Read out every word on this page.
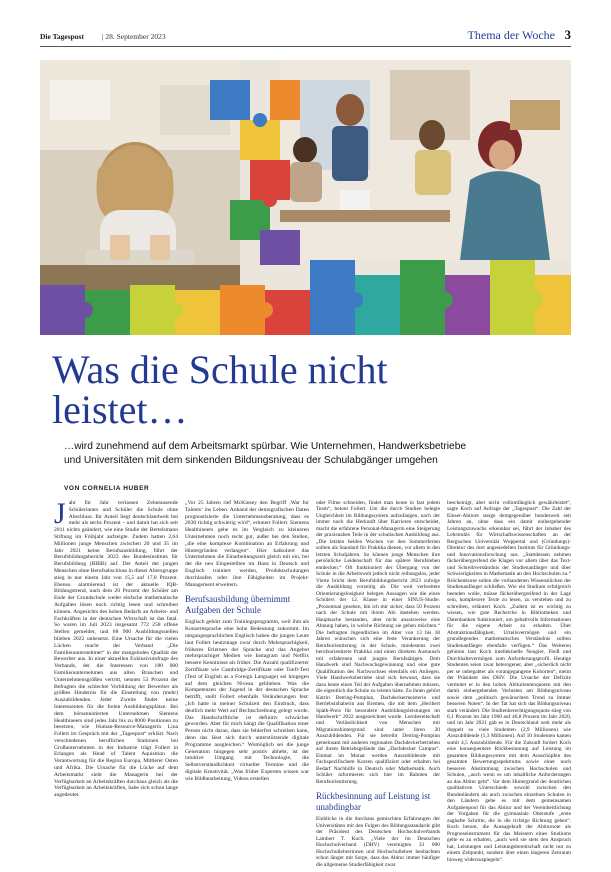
Die Tagespost | 28. September 2023	Thema der Woche 3
Was die Schule nicht leistet…
…wird zunehmend auf dem Arbeitsmarkt spürbar. Wie Unternehmen, Handwerksbetriebe und Universitäten mit dem sinkenden Bildungsniveau der Schulabgänger umgehen
VON CORNELIA HUBER
J ahr für Jahr verlassen Zehntausende Schülerinnen und Schüler die Schule ohne Abschluss. Ihr Anteil liegt deutschlandweit bei mehr als sechs Prozent – und damit hat sich seit 2011 nichts geändert, wie eine Studie der Bertelsmann Stiftung im Frühjahr aufzeigte. Zudem hatten 2,64 Millionen junge Menschen zwischen 20 und 35 im Jahr 2021 keine Berufsausbildung, führt der Berufsbildungsbericht 2023 des Bundesinstituts für Berufsbildung (BIBB) auf. Der Anteil der jungen Menschen ohne Berufsabschluss in dieser Altersgruppe stieg in nur einem Jahr von 15,5 auf 17,8 Prozent. Ebenso alarmierend ist der aktuelle IQB-Bildungstrend, nach dem 20 Prozent der Schüler am Ende der Grundschule weder einfache mathematische Aufgaben lösen noch richtig lesen und schreiben können. Angesichts des hohen Bedarfs an Arbeits- und Fachkräften in der deutschen Wirtschaft ist das fatal. So waren im Juli 2023 insgesamt 772 258 offene Stellen gemeldet, und 68 900 Ausbildungsstellen blieben 2022 unbesetzt. Eine Ursache für die vielen Lücken macht der Verband „Die Familienunternehmer“ in der mangelnden Qualität der Bewerber aus. In einer aktuellen Exklusivumfrage des Verbands, der die Interessen von 180 000 Familienunternehmen aus allen Branchen und Unternehmensgrößen vertritt, nennen 53 Prozent der Befragten die schlechte Vorbildung der Bewerber als größtes Hindernis für die Einstellung von (mehr) Auszubildenden. Jeder Zweite findet keine Interessenten für die freien Ausbildungsplätze. Bei dem börsennotierten Unternehmen Siemens Healthineers sind jedes Jahr bis zu 8000 Positionen zu besetzen, wie Human-Resource-Managerin Lina Follert im Gespräch mit der „Tagespost“ erklärt. Nach verschiedenen beruflichen Stationen bei Großunternehmen in der Industrie trägt Follert in Erlangen als Head of Talent Aquisition die Verantwortung für die Region Europa, Mittlerer Osten und Afrika. Die Ursache für die Lücke auf dem Arbeitsmarkt sieht die Managerin bei der Verfügbarkeit an Arbeitskräften durchaus gleich als die Verfügbarkeit an Arbeitskräften, habe sich schon lange angedeutet.

„Vor 25 Jahren rief McKinsey den Begriff ‚War for Talents‘ ins Leben. Anhand der demografischen Daten prognostizierte die Unternehmensberatung, dass es 2030 richtig schwierig wird“, erinnert Follert. Siemens Healthineers gehe es im Vergleich zu kleineren Unternehmen noch recht gut, außer bei den Stellen, „die eine komplexe Kombination an Erfahrung und Hintergründen verlangen“. Hier kalkuliert das Unternehmen die Einarbeitungszeit gleich mit ein, bei der die neu Eingestellten im Haus in Deutsch und Englisch trainiert werden, Produktschulungen durchlaufen oder ihre Fähigkeiten im Projekt-Management erweitern.

Berufsausbildung übernimmt Aufgaben der Schule

Englisch gehört zum Trainingsprogramm, weil ihm als Konzernsprache eine hohe Bedeutung zukommt. Im umgangssprachlichen Englisch haben die jungen Leute laut Follert heutzutage zwar durch Mehrsprachigkeit, früheres Erlernen der Sprache und das Angebot mehrsprachiger Medien wie Instagram und Netflix bessere Kenntnisse als früher. Die Anzahl qualifizierter Zertifikate wie Cambridge-Zertifikate oder Toefl-Test (Test of English as a Foreign Language) sei hingegen auf dem gleichen Niveau geblieben. Was die Kompetenzen der Jugend in der deutschen Sprache betrifft, stellt Follert ebenfalls Veränderungen fest: „Ich hatte in meiner Schulzeit den Eindruck, dass deutlich mehr Wert auf Rechtschreibung gelegt wurde. Das Handschriftliche ist definitiv schwächer geworden. Aber für mich hängt die Qualifikation einer Person nicht daran, dass sie fehlerfrei schreiben kann, denn das lässt sich durch unterstützende digitale Programme ausgleichen.“ Womöglich sei die junge Generation hingegen sehr positiv abhebt, ist der intuitive Umgang mit Technologie, die Selbstverständlichkeit virtueller Termine und die digitale Kreativität. „Was früher Experten wissen war wie Bildbearbeitung, Videos erstellen

oder Filme schneiden, findet man heute in fast jedem Team“, betont Follert. Um die durch Studien belegte Ungleichheit im Bildungssystem aufzufangen, nach der immer noch die Herkunft über Karrieren entscheidet, macht die erfahrene Personal-Managerin eine Steigerung der praxisnahen Teile in der schulischen Ausbildung aus. „Die letzten beiden Wochen vor den Sommerferien sollten als Standard für Praktika dienen, vor allem in den letzten Schuljahren. So können junge Menschen ihre persönliche Leidenschaft für das spätere Berufsleben entdecken.“ Oft funktioniert der Übergang von der Schule in die Arbeitswelt jedoch nicht reibungslos, jeder Vierte bricht dem Berufsbildungsbericht 2023 zufolge die Ausbildung vorzeitig ab. Die weit verbreitete Orientierungslosigkeit belegen Aussagen wie die eines Schülers der 12. Klasse in einer SINUS-Studie. „Prozentual gesehen, bin ich mir sicher, dass 50 Prozent nach der Schule mit ihrem Abi dastehen werden. Hauptsache bestanden, aber nicht ansatzweise eine Ahnung haben, in welche Richtung sie gehen möchten.“ Die befragten Jugendlichen im Alter von 13 bis 18 Jahren wünschen sich eine feste Verankerung der Berufsorientierung in der Schule, mindestens zwei berufsorientierte Praktika und einen direkten Austausch mit erfahrenen und jungen Berufstätigen. Dem Handwerk sind Nachwuchsgewinnung und eine gute Qualifikation des Nachwuchses ebenfalls ein Anliegen. Viele Handwerksbetriebe sind sich bewusst, dass sie dazu heute einen Teil der Aufgaben übernehmen müssen, die eigentlich die Schule zu leisten hätte. Zu ihnen gehört Katrin Detring-Pomplun, Dachdeckermeisterin und Betriebsinhaberin aus Bremen, die mit dem „Heribert Späth-Preis für besondere Ausbildungsleistungen im Handwerk“ 2022 ausgezeichnet wurde. Lernbereitschaft und Verlässlichkeit von Menschen mit Migrationshintergrund sind unter ihren 20 Auszubildenden. Für sie betreibt Detring-Pomplun gemeinsam mit anderen regionalen Dachdeckerbetrieben auf ihrem Betriebsgelände das „Dachdecker Campus“. Einmal im Monat werden Auszubildende mit Fachspezifischem Kursen qualifiziert oder erhalten bei Bedarf Nachhilfe in Deutsch oder Mathematik. Auch Schüler informieren sich hier im Rahmen der Berufsorientierung.

Rückbesinnung auf Leistung ist unabdingbar

Einblicke in die durchaus gemischten Erfahrungen der Universitäten mit den Folgen des Bildungsstandards gibt der Präsident des Deutschen Hochschulverbands Lambert T. Koch. „Viele der im Deutschen Hochschulverband (DHV) vereinigten 33 000 Hochschullehrerinnen und Hochschullehrer beobachten schon länger mit Sorge, dass das Abitur immer häufiger die allgemeine Studierfähigkeit zwar

bescheinigt, aber nicht vollumfänglich gewährleistet“, sagte Koch auf Anfrage der „Tagespost“. Die Zahl der Einser-Abiture steige demgegenüber bundesweit seit Jahren an, ohne dass ein damit einhergehender Leistungszuwachs erkennbar sei, führt der Inhaber des Lehrstuhls für Wirtschaftswissenschaften an der Bergischen Universität Wuppertal und (Gründungs)-Direktor des dort angesiedelten Instituts für Gründungs- und Innovationsforschung aus. „Stattdessen nehmen fächerübergreifend die Klagen vor allem über das Text- und Schreibverständnis der Studienanfänger und über Schwierigkeiten in Mathematik an den Hochschulen zu.“ Brückenkurse sollen die vorhandenen Wissenslücken der Studienanfänger schließen. Wie ein Studium erfolgreich beenden wolle, müsse fächerübergreifend in der Lage sein, komplexere Texte zu lesen, zu verstehen und zu schreiben, erläutert Koch. „Zudem ist es wichtig zu wissen, wie gute Recherche in Bibliotheken und Datenbanken funktioniert, um gehaltvolle Informationen für die eigene Arbeit zu erhalten. Über Abstraktionsfähigkeit, Urteilsvermögen und ein grundlegendes mathematisches Verständnis sollten Studienanfänger ebenfalls verfügen.“ Das Weiteren gehören laut Koch intellektuelle Neugier, Fleiß und Durchhaltevermögen zum Anforderungsprofil. Heutige Studenten seien zwar heterogener, aber „sicherlich nicht per se unbegabter als vorangegangene Kohorten“, meint der Präsident des DHV. Die Ursache der Defizite vermutet er in den hohen Abiturientenquoten mit den damit einhergehenden Verlusten am Bildungsniveau sowie dem „politisch gewünschten Trend zu immer besseren Noten“. In der Tat hat sich das Bildungsniveau stark verändert. Die Studienberechtigungsquote stieg von 6,1 Prozent im Jahr 1960 auf 46,8 Prozent im Jahr 2020, und im Jahr 2021 gab es in Deutschland weit mehr als doppelt so viele Studenten (2,9 Millionen) wie Auszubildende (1,3 Millionen). Auf 10 Studenten kamen somit 4,5 Auszubildende. Für die Zukunft fordert Koch eine konsequentere Rückbesinnung auf Leistung im gesamten Bildungssystem mit dem Ausschöpfen des gesamten Bewertungsspektrums sowie einer noch besseren Abstimmung zwischen Hochschulen und Schulen, „auch wenn es um inhaltliche Anforderungen an das Abitur geht“. Vor dem Hintergrund der deutlichen qualitativen Unterschiede sowohl zwischen den Bundesländern als auch zwischen einzelnen Schulen in den Ländern gebe es mit dem gemeinsamen Aufgabenpool für das Abitur und der Vereinheitlichung der Vorgaben für die gymnasiale Oberstufe „erste zaghafte Schritte, die in die richtige Richtung gehen“. Koch betont, die Aussagekraft der Abiturnote als Prognoseinstrument für das Meistern eines Studiums gelte es zu erhalten, „auch weil sie stets den Anspruch hat, Leistungen und Leistungsbereitschaft nicht nur zu einem Zeitpunkt, sondern über einen längeren Zeitraum hinweg widerzuspiegeln“.
